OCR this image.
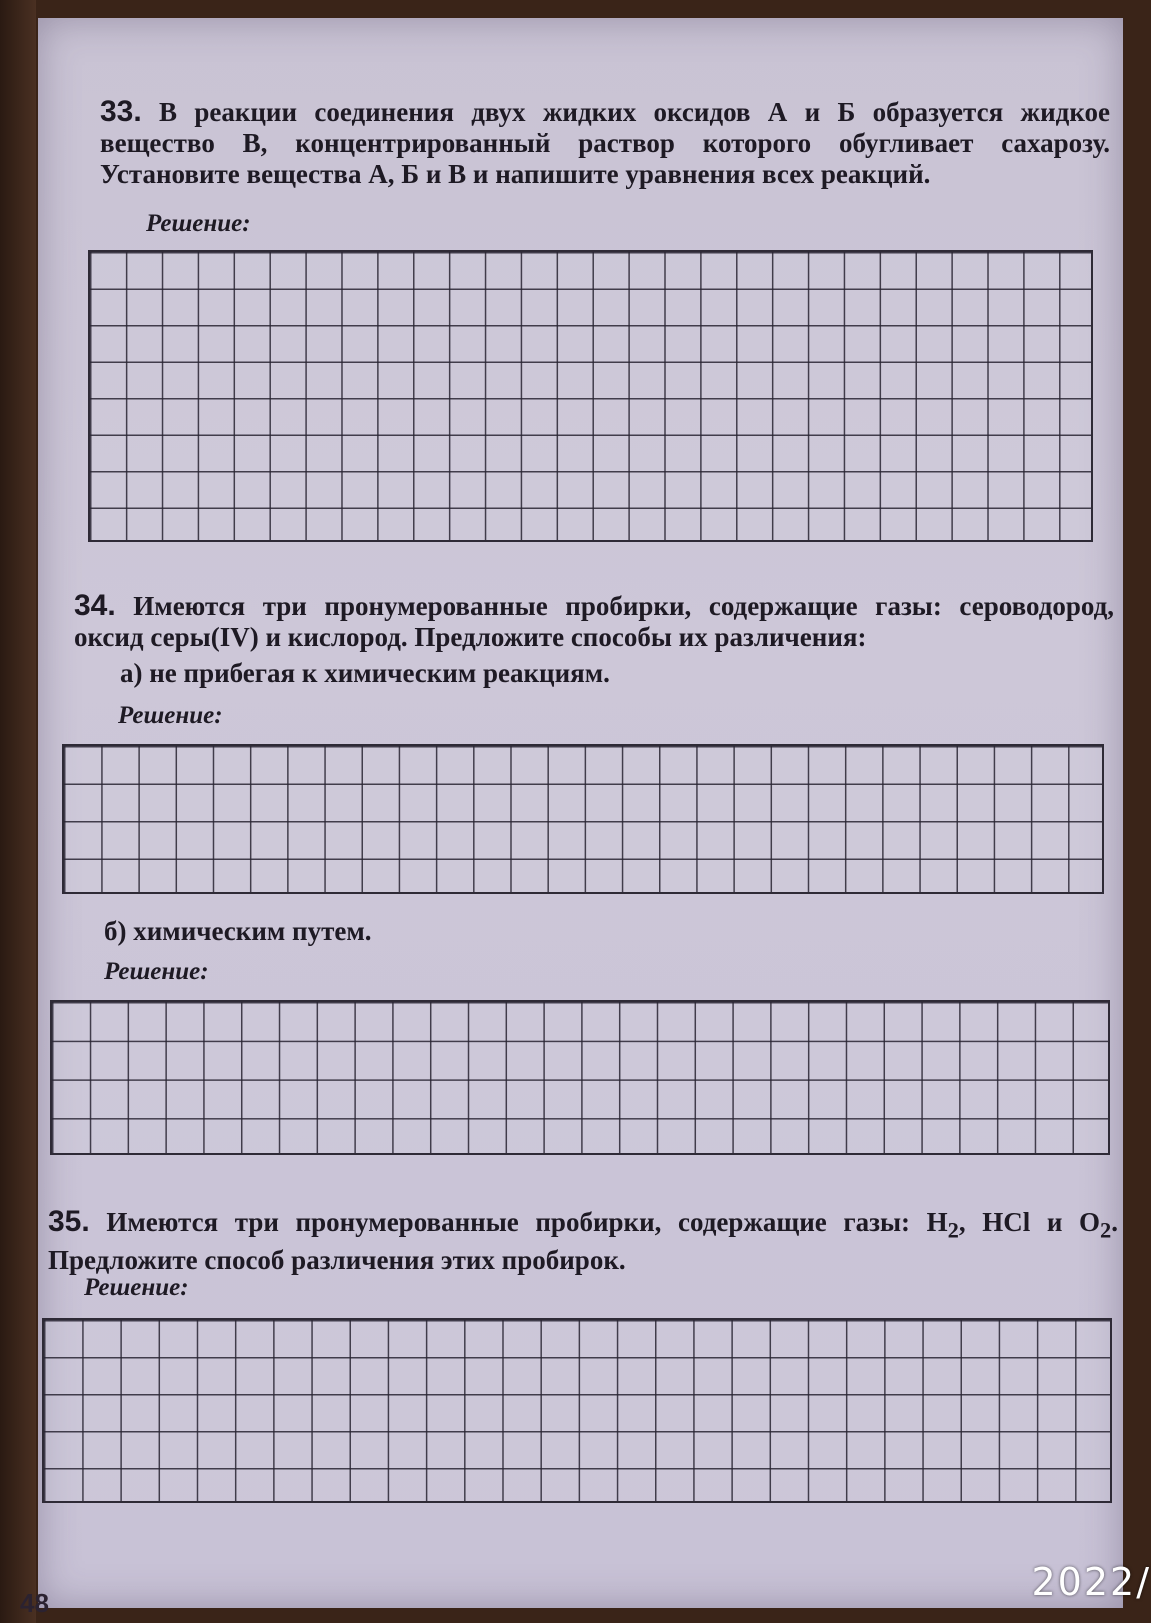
33. В реакции соединения двух жидких оксидов А и Б образуется жидкое вещество В, концентрированный раствор которого обугливает сахарозу. Установите вещества А, Б и В и напишите уравнения всех реакций.

Решение:

34. Имеются три пронумерованные пробирки, содержащие газы: сероводород, оксид серы(IV) и кислород. Предложите способы их различения:

а) не прибегая к химическим реакциям.
Решение:
б) химическим путем.
Решение:

35. Имеются три пронумерованные пробирки, содержащие газы: $H_2$, HCl и $O_2$. Предложите способ различения этих пробирок.

Решение:
48	2022/
